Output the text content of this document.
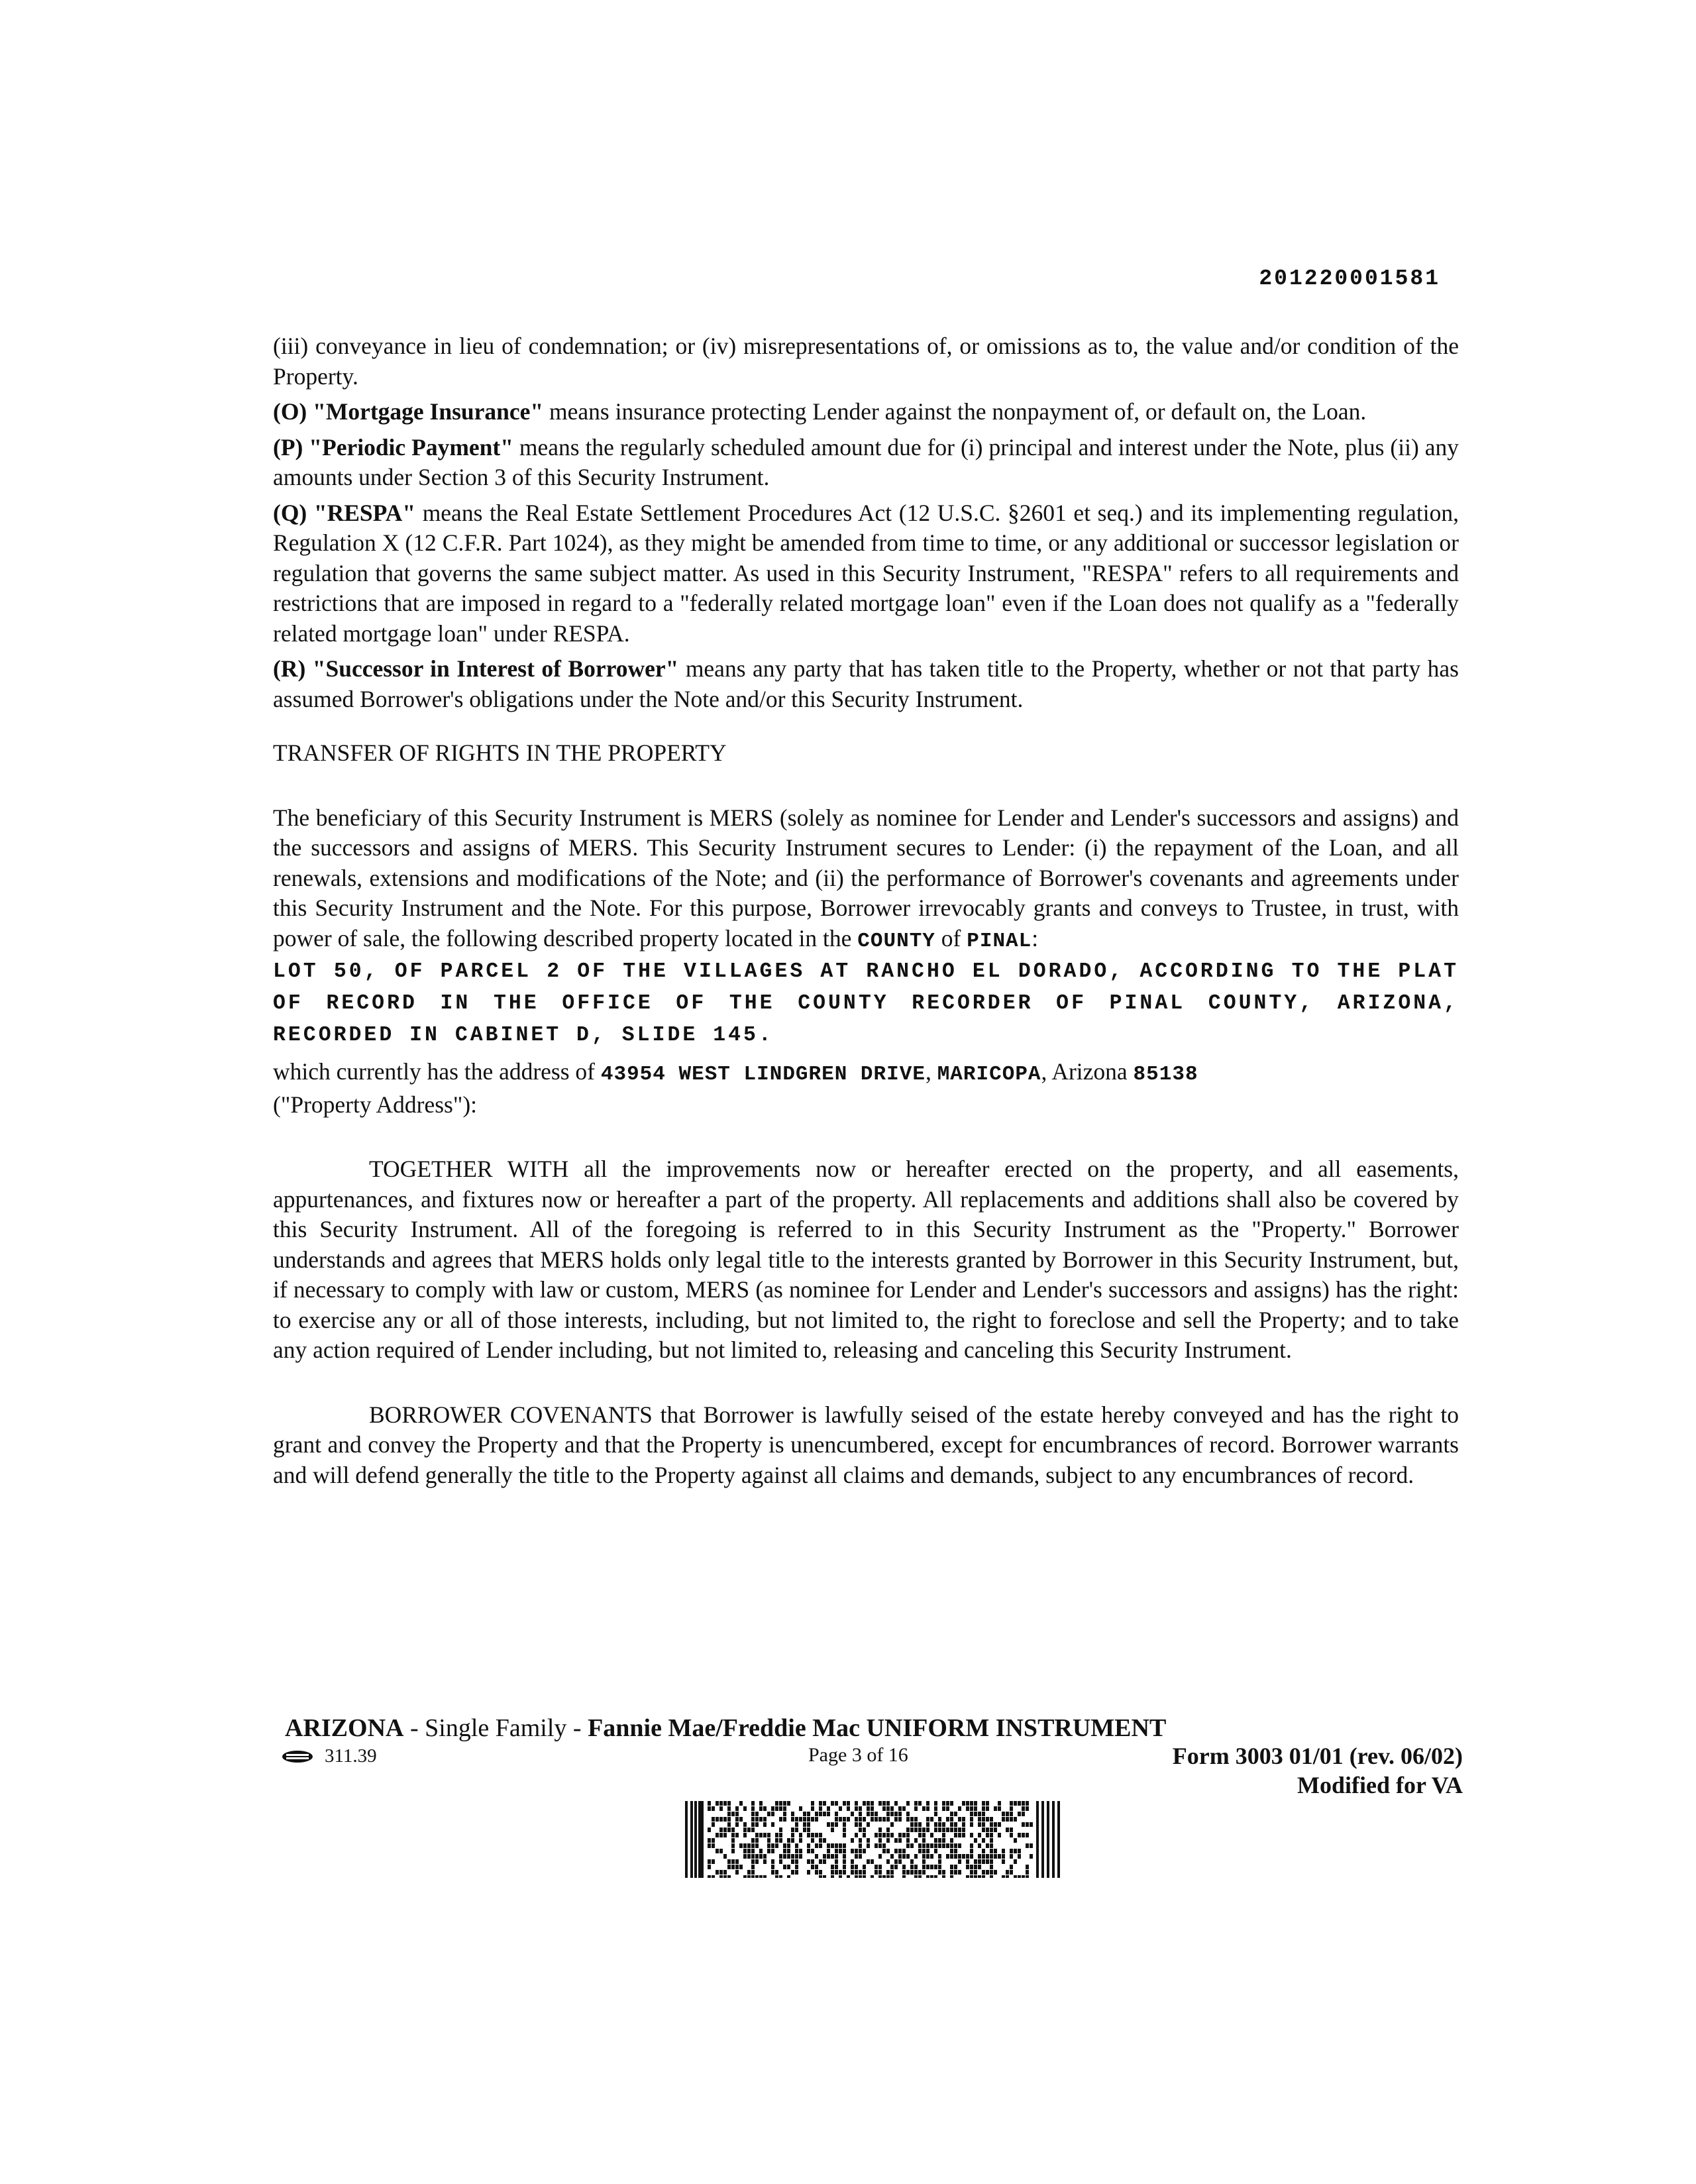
201220001581

(iii) conveyance in lieu of condemnation; or (iv) misrepresentations of, or omissions as to, the value and/or condition of the Property.

(O) "Mortgage Insurance" means insurance protecting Lender against the nonpayment of, or default on, the Loan.

(P) "Periodic Payment" means the regularly scheduled amount due for (i) principal and interest under the Note, plus (ii) any amounts under Section 3 of this Security Instrument.

(Q) "RESPA" means the Real Estate Settlement Procedures Act (12 U.S.C. §2601 et seq.) and its implementing regulation, Regulation X (12 C.F.R. Part 1024), as they might be amended from time to time, or any additional or successor legislation or regulation that governs the same subject matter. As used in this Security Instrument, "RESPA" refers to all requirements and restrictions that are imposed in regard to a "federally related mortgage loan" even if the Loan does not qualify as a "federally related mortgage loan" under RESPA.

(R) "Successor in Interest of Borrower" means any party that has taken title to the Property, whether or not that party has assumed Borrower's obligations under the Note and/or this Security Instrument.

TRANSFER OF RIGHTS IN THE PROPERTY

The beneficiary of this Security Instrument is MERS (solely as nominee for Lender and Lender's successors and assigns) and the successors and assigns of MERS. This Security Instrument secures to Lender: (i) the repayment of the Loan, and all renewals, extensions and modifications of the Note; and (ii) the performance of Borrower's covenants and agreements under this Security Instrument and the Note. For this purpose, Borrower irrevocably grants and conveys to Trustee, in trust, with power of sale, the following described property located in the COUNTY of PINAL:

LOT 50, OF PARCEL 2 OF THE VILLAGES AT RANCHO EL DORADO, ACCORDING TO THE PLAT OF RECORD IN THE OFFICE OF THE COUNTY RECORDER OF PINAL COUNTY, ARIZONA, RECORDED IN CABINET D, SLIDE 145.

which currently has the address of 43954 WEST LINDGREN DRIVE, MARICOPA, Arizona 85138

("Property Address"):

TOGETHER WITH all the improvements now or hereafter erected on the property, and all easements, appurtenances, and fixtures now or hereafter a part of the property. All replacements and additions shall also be covered by this Security Instrument. All of the foregoing is referred to in this Security Instrument as the "Property." Borrower understands and agrees that MERS holds only legal title to the interests granted by Borrower in this Security Instrument, but, if necessary to comply with law or custom, MERS (as nominee for Lender and Lender's successors and assigns) has the right: to exercise any or all of those interests, including, but not limited to, the right to foreclose and sell the Property; and to take any action required of Lender including, but not limited to, releasing and canceling this Security Instrument.

BORROWER COVENANTS that Borrower is lawfully seised of the estate hereby conveyed and has the right to grant and convey the Property and that the Property is unencumbered, except for encumbrances of record. Borrower warrants and will defend generally the title to the Property against all claims and demands, subject to any encumbrances of record.

ARIZONA - Single Family - Fannie Mae/Freddie Mac UNIFORM INSTRUMENT
311.39	Page 3 of 16	Form 3003 01/01 (rev. 06/02)
Modified for VA
